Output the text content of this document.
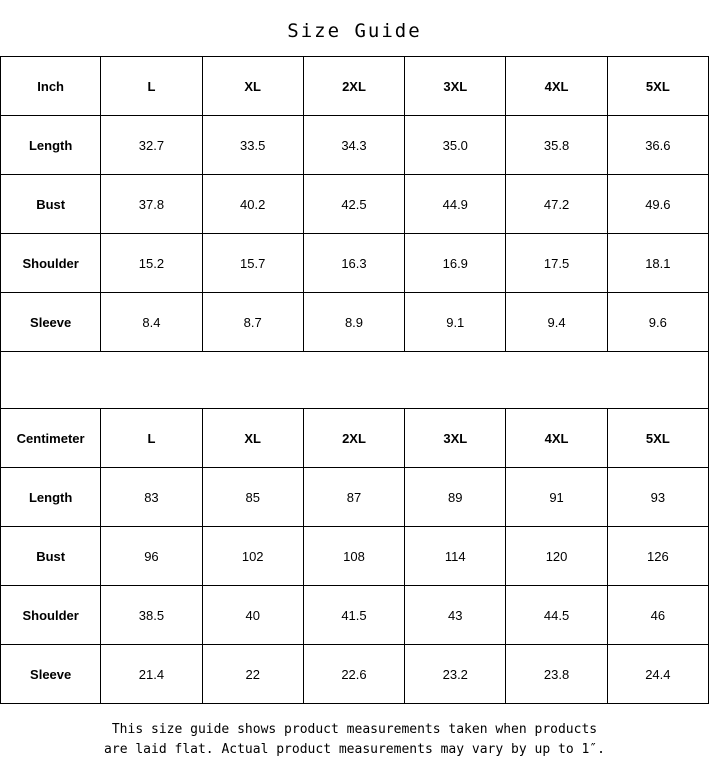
Size Guide
Inch	L	XL	2XL	3XL	4XL	5XL
Length	32.7	33.5	34.3	35.0	35.8	36.6
Bust	37.8	40.2	42.5	44.9	47.2	49.6
Shoulder	15.2	15.7	16.3	16.9	17.5	18.1
Sleeve	8.4	8.7	8.9	9.1	9.4	9.6
Centimeter	L	XL	2XL	3XL	4XL	5XL
Length	83	85	87	89	91	93
Bust	96	102	108	114	120	126
Shoulder	38.5	40	41.5	43	44.5	46
Sleeve	21.4	22	22.6	23.2	23.8	24.4
This size guide shows product measurements taken when products
are laid flat. Actual product measurements may vary by up to 1″.
